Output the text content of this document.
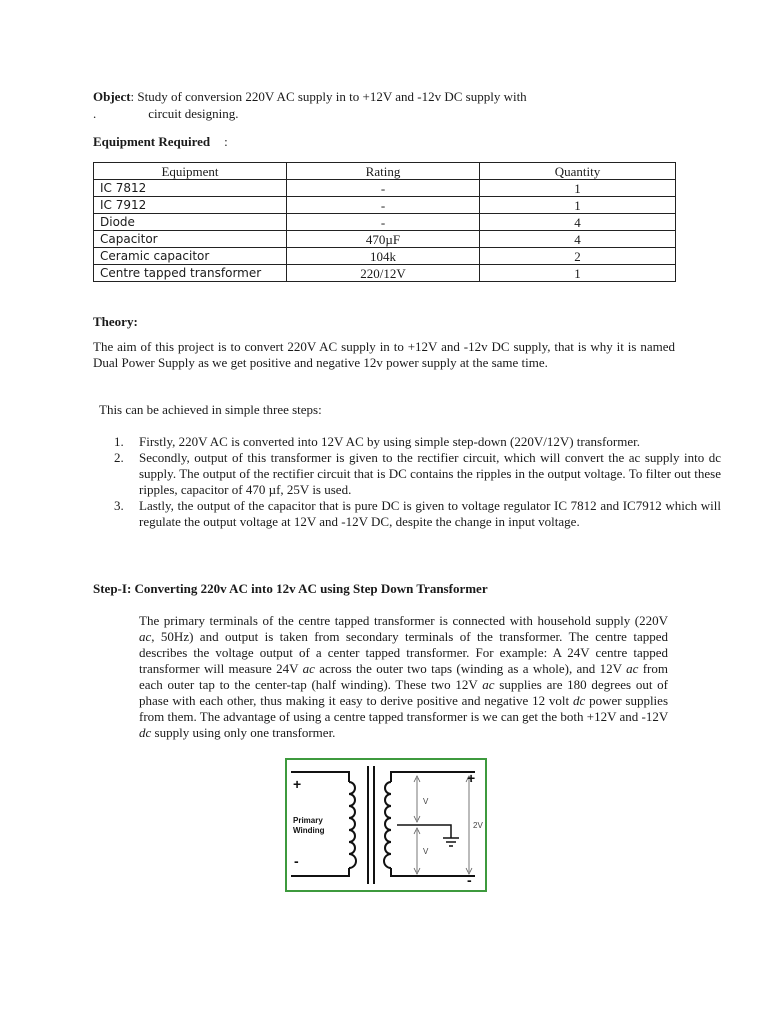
Object: Study of conversion 220V AC supply in to +12V and -12v DC supply with
.	circuit designing.
Equipment Required :
Equipment	Rating	Quantity
IC 7812	-	1
IC 7912	-	1
Diode	-	4
Capacitor	470µF	4
Ceramic capacitor	104k	2
Centre tapped transformer	220/12V	1
Theory:
The aim of this project is to convert 220V AC supply in to +12V and -12v DC supply, that is why it is named Dual Power Supply as we get positive and negative 12v power supply at the same time.
This can be achieved in simple three steps:
1. Firstly, 220V AC is converted into 12V AC by using simple step-down (220V/12V) transformer.
2. Secondly, output of this transformer is given to the rectifier circuit, which will convert the ac supply into dc supply. The output of the rectifier circuit that is DC contains the ripples in the output voltage. To filter out these ripples, capacitor of 470 µf, 25V is used.
3. Lastly, the output of the capacitor that is pure DC is given to voltage regulator IC 7812 and IC7912 which will regulate the output voltage at 12V and -12V DC, despite the change in input voltage.
Step-I: Converting 220v AC into 12v AC using Step Down Transformer
The primary terminals of the centre tapped transformer is connected with household supply (220V ac, 50Hz) and output is taken from secondary terminals of the transformer. The centre tapped describes the voltage output of a center tapped transformer. For example: A 24V centre tapped transformer will measure 24V ac across the outer two taps (winding as a whole), and 12V ac from each outer tap to the center-tap (half winding). These two 12V ac supplies are 180 degrees out of phase with each other, thus making it easy to derive positive and negative 12 volt dc power supplies from them. The advantage of using a centre tapped transformer is we can get the both +12V and -12V dc supply using only one transformer.
+
-
Primary
Winding
+
-
V
V
2V
